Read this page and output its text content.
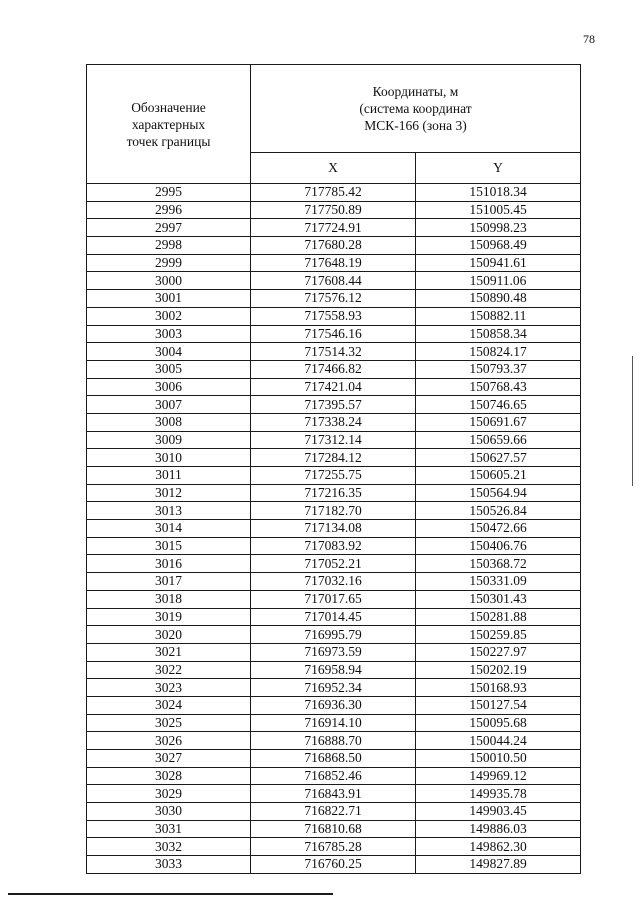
78
Обозначение
характерных
точек границы	Координаты, м
(система координат
МСК-166 (зона 3)	

	X	Y
2995	717785.42	151018.34
2996	717750.89	151005.45
2997	717724.91	150998.23
2998	717680.28	150968.49
2999	717648.19	150941.61
3000	717608.44	150911.06
3001	717576.12	150890.48
3002	717558.93	150882.11
3003	717546.16	150858.34
3004	717514.32	150824.17
3005	717466.82	150793.37
3006	717421.04	150768.43
3007	717395.57	150746.65
3008	717338.24	150691.67
3009	717312.14	150659.66
3010	717284.12	150627.57
3011	717255.75	150605.21
3012	717216.35	150564.94
3013	717182.70	150526.84
3014	717134.08	150472.66
3015	717083.92	150406.76
3016	717052.21	150368.72
3017	717032.16	150331.09
3018	717017.65	150301.43
3019	717014.45	150281.88
3020	716995.79	150259.85
3021	716973.59	150227.97
3022	716958.94	150202.19
3023	716952.34	150168.93
3024	716936.30	150127.54
3025	716914.10	150095.68
3026	716888.70	150044.24
3027	716868.50	150010.50
3028	716852.46	149969.12
3029	716843.91	149935.78
3030	716822.71	149903.45
3031	716810.68	149886.03
3032	716785.28	149862.30
3033	716760.25	149827.89
